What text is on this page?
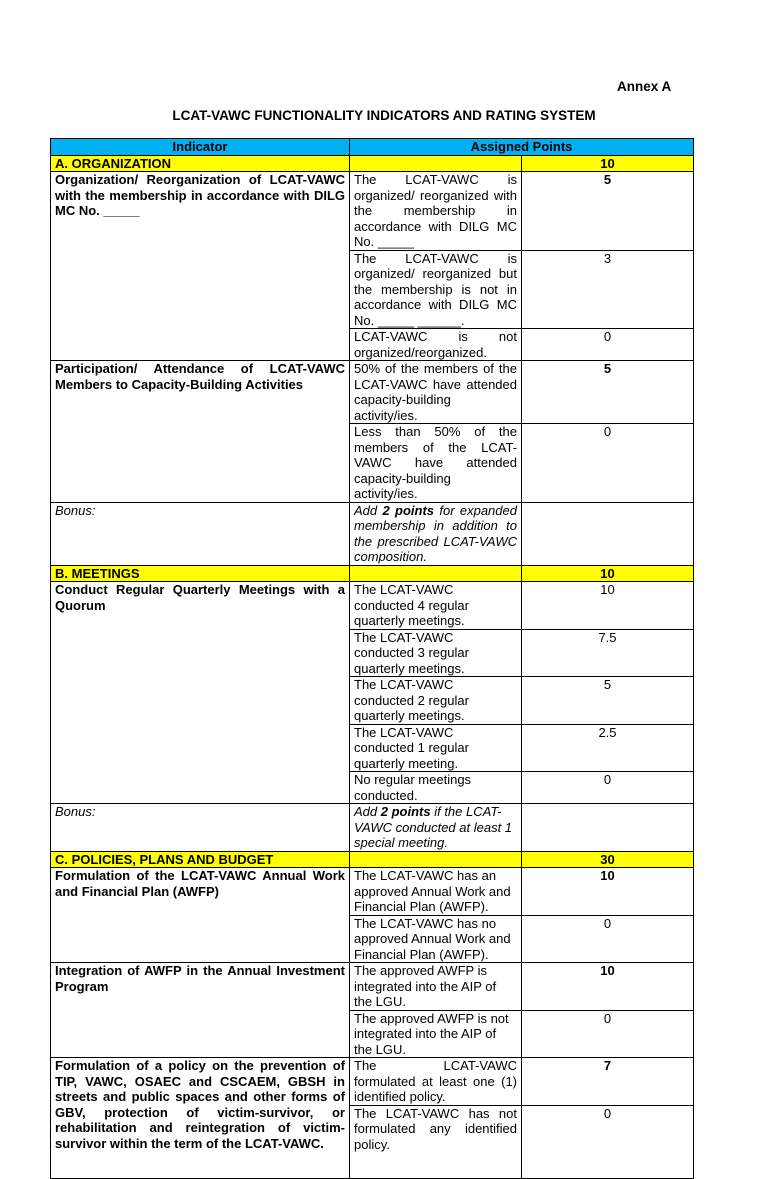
Annex A
LCAT-VAWC FUNCTIONALITY INDICATORS AND RATING SYSTEM
Indicator	Assigned Points	
A. ORGANIZATION		10
Organization/ Reorganization of LCAT-VAWC with the membership in accordance with DILG MC No. _____	The LCAT-VAWC is organized/ reorganized with the membership in accordance with DILG MC No. _____	5
	The LCAT-VAWC is organized/ reorganized but the membership is not in accordance with DILG MC No. _____ ______.	3
	LCAT-VAWC is not organized/reorganized.	0
Participation/ Attendance of LCAT-VAWC Members to Capacity-Building Activities	50% of the members of the LCAT-VAWC have attended capacity-building activity/ies.	5
	Less than 50% of the members of the LCAT-VAWC have attended capacity-building activity/ies.	0
Bonus:	Add 2 points for expanded membership in addition to the prescribed LCAT-VAWC composition.	
B. MEETINGS		10
Conduct Regular Quarterly Meetings with a Quorum	The LCAT-VAWC conducted 4 regular quarterly meetings.	10
	The LCAT-VAWC conducted 3 regular quarterly meetings.	7.5
	The LCAT-VAWC conducted 2 regular quarterly meetings.	5
	The LCAT-VAWC conducted 1 regular quarterly meeting.	2.5
	No regular meetings conducted.	0
Bonus:	Add 2 points if the LCAT-VAWC conducted at least 1 special meeting.	
C. POLICIES, PLANS AND BUDGET		30
Formulation of the LCAT-VAWC Annual Work and Financial Plan (AWFP)	The LCAT-VAWC has an approved Annual Work and Financial Plan (AWFP).	10
	The LCAT-VAWC has no approved Annual Work and Financial Plan (AWFP).	0
Integration of AWFP in the Annual Investment Program	The approved AWFP is integrated into the AIP of the LGU.	10
	The approved AWFP is not integrated into the AIP of the LGU.	0
Formulation of a policy on the prevention of TIP, VAWC, OSAEC and CSCAEM, GBSH in streets and public spaces and other forms of GBV, protection of victim-survivor, or rehabilitation and reintegration of victim-survivor within the term of the LCAT-VAWC.	The LCAT-VAWC formulated at least one (1) identified policy.	7
	The LCAT-VAWC has not formulated any identified policy.	0
